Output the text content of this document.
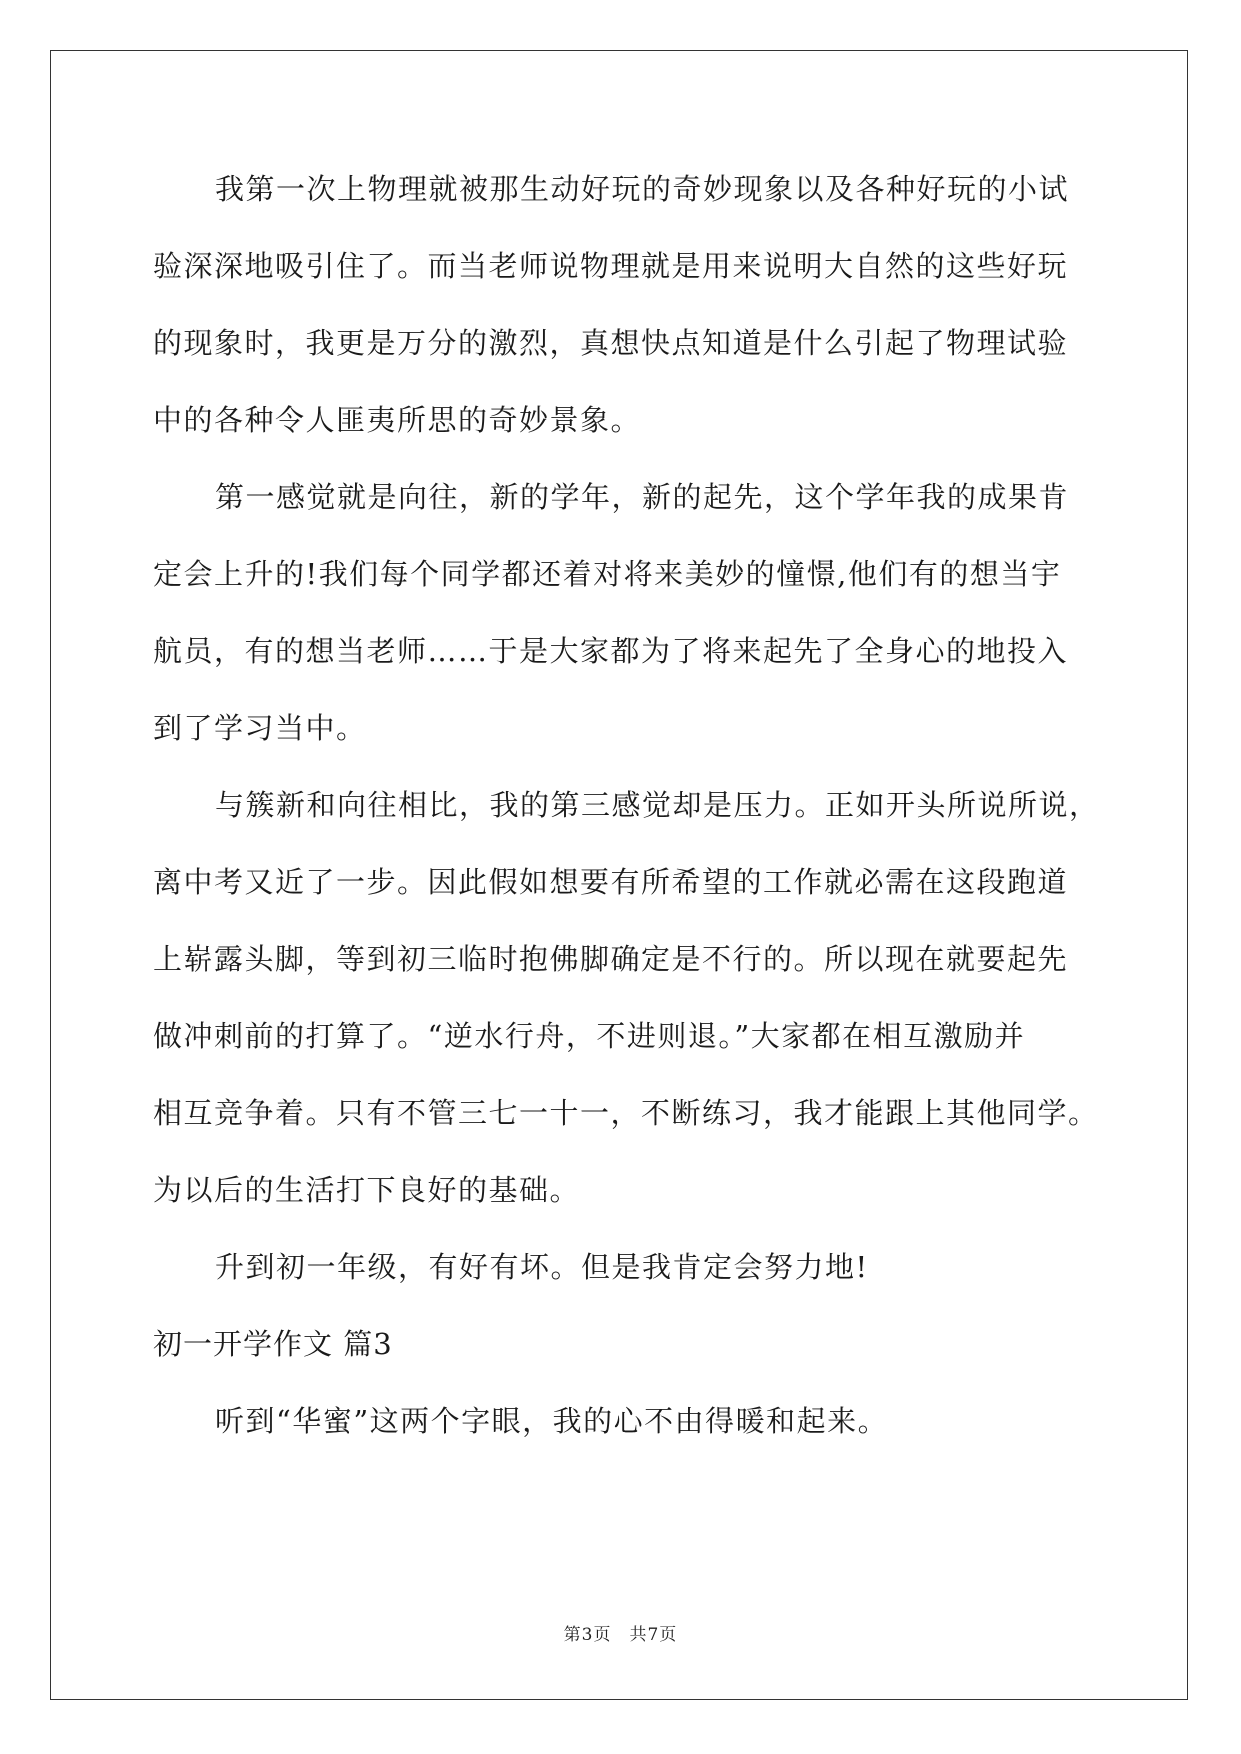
我第一次上物理就被那生动好玩的奇妙现象以及各种好玩的小试
验深深地吸引住了。而当老师说物理就是用来说明大自然的这些好玩
的现象时，我更是万分的激烈，真想快点知道是什么引起了物理试验
中的各种令人匪夷所思的奇妙景象。
第一感觉就是向往，新的学年，新的起先，这个学年我的成果肯
定会上升的!我们每个同学都还着对将来美妙的憧憬,他们有的想当宇
航员，有的想当老师……于是大家都为了将来起先了全身心的地投入
到了学习当中。
与簇新和向往相比，我的第三感觉却是压力。正如开头所说所说，
离中考又近了一步。因此假如想要有所希望的工作就必需在这段跑道
上崭露头脚，等到初三临时抱佛脚确定是不行的。所以现在就要起先
做冲刺前的打算了。“逆水行舟，不进则退。”大家都在相互激励并
相互竞争着。只有不管三七一十一，不断练习，我才能跟上其他同学。
为以后的生活打下良好的基础。
升到初一年级，有好有坏。但是我肯定会努力地!
初一开学作文 篇3
听到“华蜜”这两个字眼，我的心不由得暖和起来。
第3页　共7页
